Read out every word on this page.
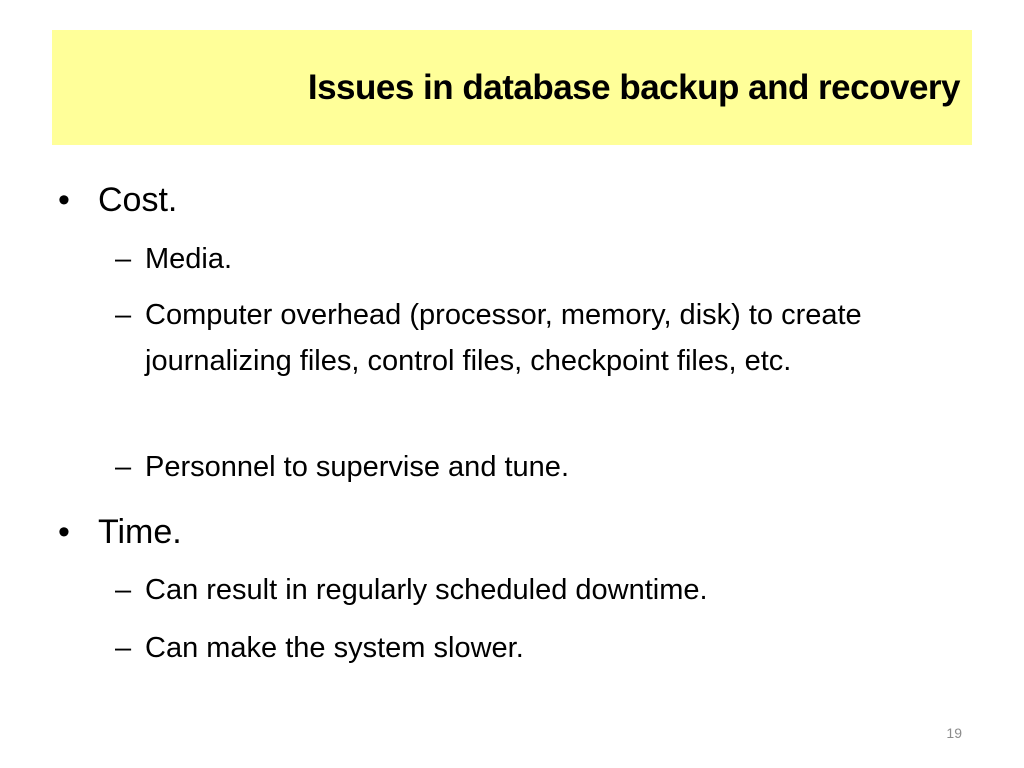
Issues in database backup and recovery
• Cost.
– Media.
– Computer overhead (processor, memory, disk) to create journalizing files, control files, checkpoint files, etc.
– Personnel to supervise and tune.
• Time.
– Can result in regularly scheduled downtime.
– Can make the system slower.
19
